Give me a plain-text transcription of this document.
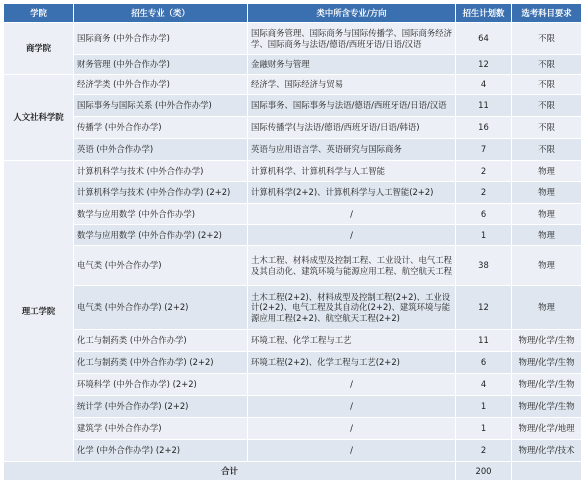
学院	招生专业（类）	类中所含专业/方向	招生计划数	选考科目要求
商学院	国际商务 (中外合作办学)	国际商务管理、国际商务与国际传播学、国际商务经济学、国际商务与法语/德语/西班牙语/日语/汉语	64	不限
	财务管理 (中外合作办学)	金融财务与管理	12	不限
人文社科学院	经济学类 (中外合作办学)	经济学、国际经济与贸易	4	不限
	国际事务与国际关系 (中外合作办学)	国际事务、国际事务与法语/德语/西班牙语/日语/汉语	11	不限
	传播学 (中外合作办学)	国际传播学(与法语/德语/西班牙语/日语/韩语)	16	不限
	英语 (中外合作办学)	英语与应用语言学、英语研究与国际商务	7	不限
理工学院	计算机科学与技术 (中外合作办学)	计算机科学、计算机科学与人工智能	2	物理
	计算机科学与技术 (中外合作办学) (2+2)	计算机科学(2+2)、计算机科学与人工智能(2+2)	2	物理
	数学与应用数学 (中外合作办学)	/	6	物理
	数学与应用数学 (中外合作办学) (2+2)	/	1	物理
	电气类 (中外合作办学)	土木工程、材料成型及控制工程、工业设计、电气工程及其自动化、建筑环境与能源应用工程、航空航天工程	38	物理
	电气类 (中外合作办学) (2+2)	土木工程(2+2)、材料成型及控制工程(2+2)、工业设计(2+2)、电气工程及其自动化(2+2)、建筑环境与能源应用工程(2+2)、航空航天工程(2+2)	12	物理
	化工与制药类 (中外合作办学)	环境工程、化学工程与工艺	11	物理/化学/生物
	化工与制药类 (中外合作办学) (2+2)	环境工程(2+2)、化学工程与工艺(2+2)	6	物理/化学/生物
	环境科学 (中外合作办学) (2+2)	/	4	物理/化学/生物
	统计学 (中外合作办学) (2+2)	/	1	物理/化学/生物
	建筑学 (中外合作办学)	/	1	物理/化学/地理
	化学 (中外合作办学) (2+2)	/	2	物理/化学/技术
合计			200	
